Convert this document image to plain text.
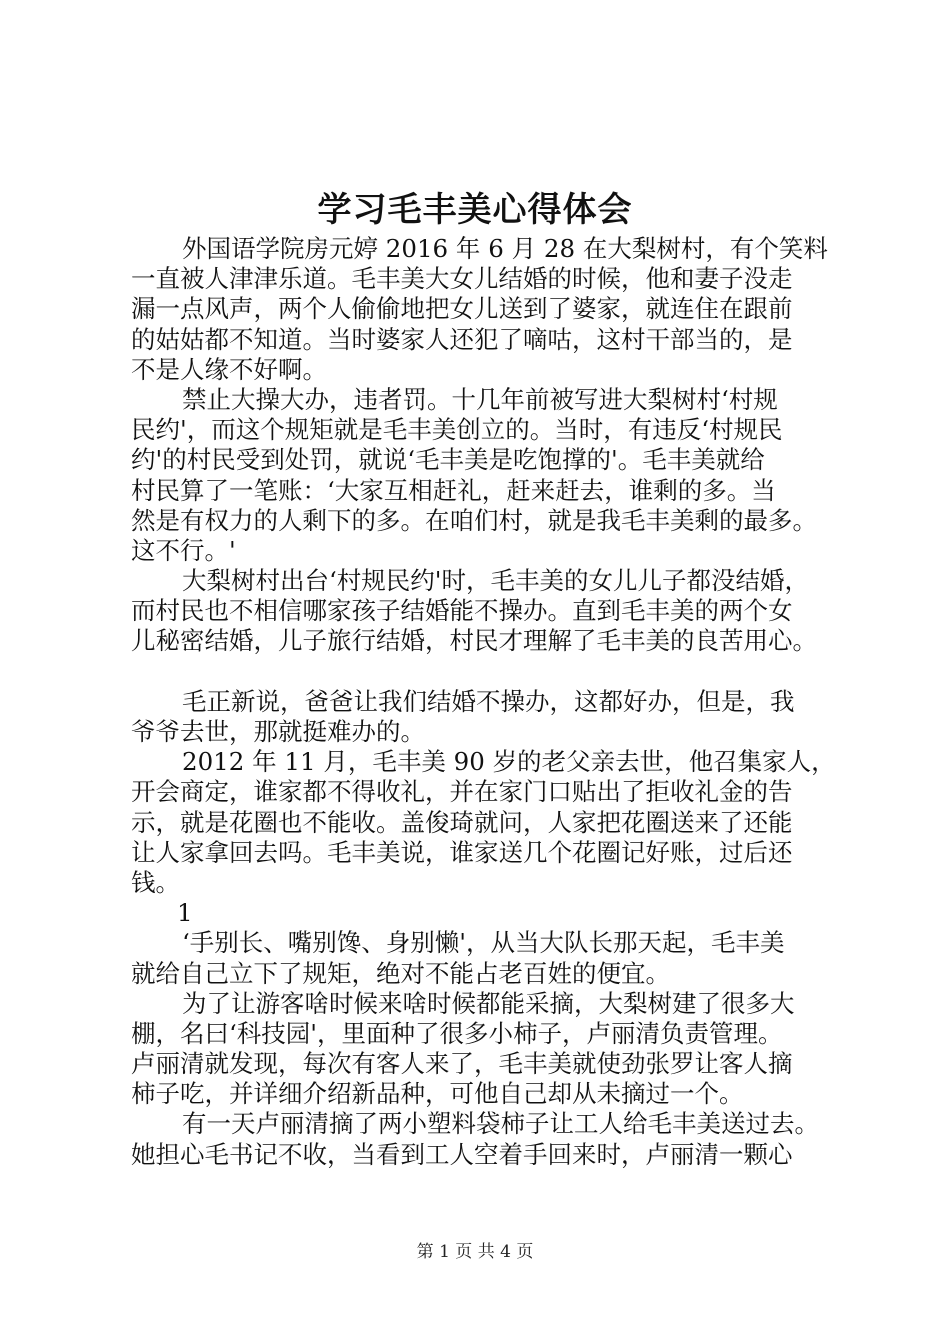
学习毛丰美心得体会
外国语学院房元婷 2016 年 6 月 28 在大梨树村，有个笑料
一直被人津津乐道。毛丰美大女儿结婚的时候，他和妻子没走
漏一点风声，两个人偷偷地把女儿送到了婆家，就连住在跟前
的姑姑都不知道。当时婆家人还犯了嘀咕，这村干部当的，是
不是人缘不好啊。
禁止大操大办，违者罚。十几年前被写进大梨树村‘村规
民约'，而这个规矩就是毛丰美创立的。当时，有违反‘村规民
约'的村民受到处罚，就说‘毛丰美是吃饱撑的'。毛丰美就给
村民算了一笔账：‘大家互相赶礼，赶来赶去，谁剩的多。当
然是有权力的人剩下的多。在咱们村，就是我毛丰美剩的最多。
这不行。'
大梨树村出台‘村规民约'时，毛丰美的女儿儿子都没结婚，
而村民也不相信哪家孩子结婚能不操办。直到毛丰美的两个女
儿秘密结婚，儿子旅行结婚，村民才理解了毛丰美的良苦用心。
毛正新说，爸爸让我们结婚不操办，这都好办，但是，我
爷爷去世，那就挺难办的。
2012 年 11 月，毛丰美 90 岁的老父亲去世，他召集家人，
开会商定，谁家都不得收礼，并在家门口贴出了拒收礼金的告
示，就是花圈也不能收。盖俊琦就问，人家把花圈送来了还能
让人家拿回去吗。毛丰美说，谁家送几个花圈记好账，过后还
钱。
1
‘手别长、嘴别馋、身别懒'，从当大队长那天起，毛丰美
就给自己立下了规矩，绝对不能占老百姓的便宜。
为了让游客啥时候来啥时候都能采摘，大梨树建了很多大
棚，名曰‘科技园'，里面种了很多小柿子，卢丽清负责管理。
卢丽清就发现，每次有客人来了，毛丰美就使劲张罗让客人摘
柿子吃，并详细介绍新品种，可他自己却从未摘过一个。
有一天卢丽清摘了两小塑料袋柿子让工人给毛丰美送过去。
她担心毛书记不收，当看到工人空着手回来时，卢丽清一颗心
第 1 页 共 4 页
